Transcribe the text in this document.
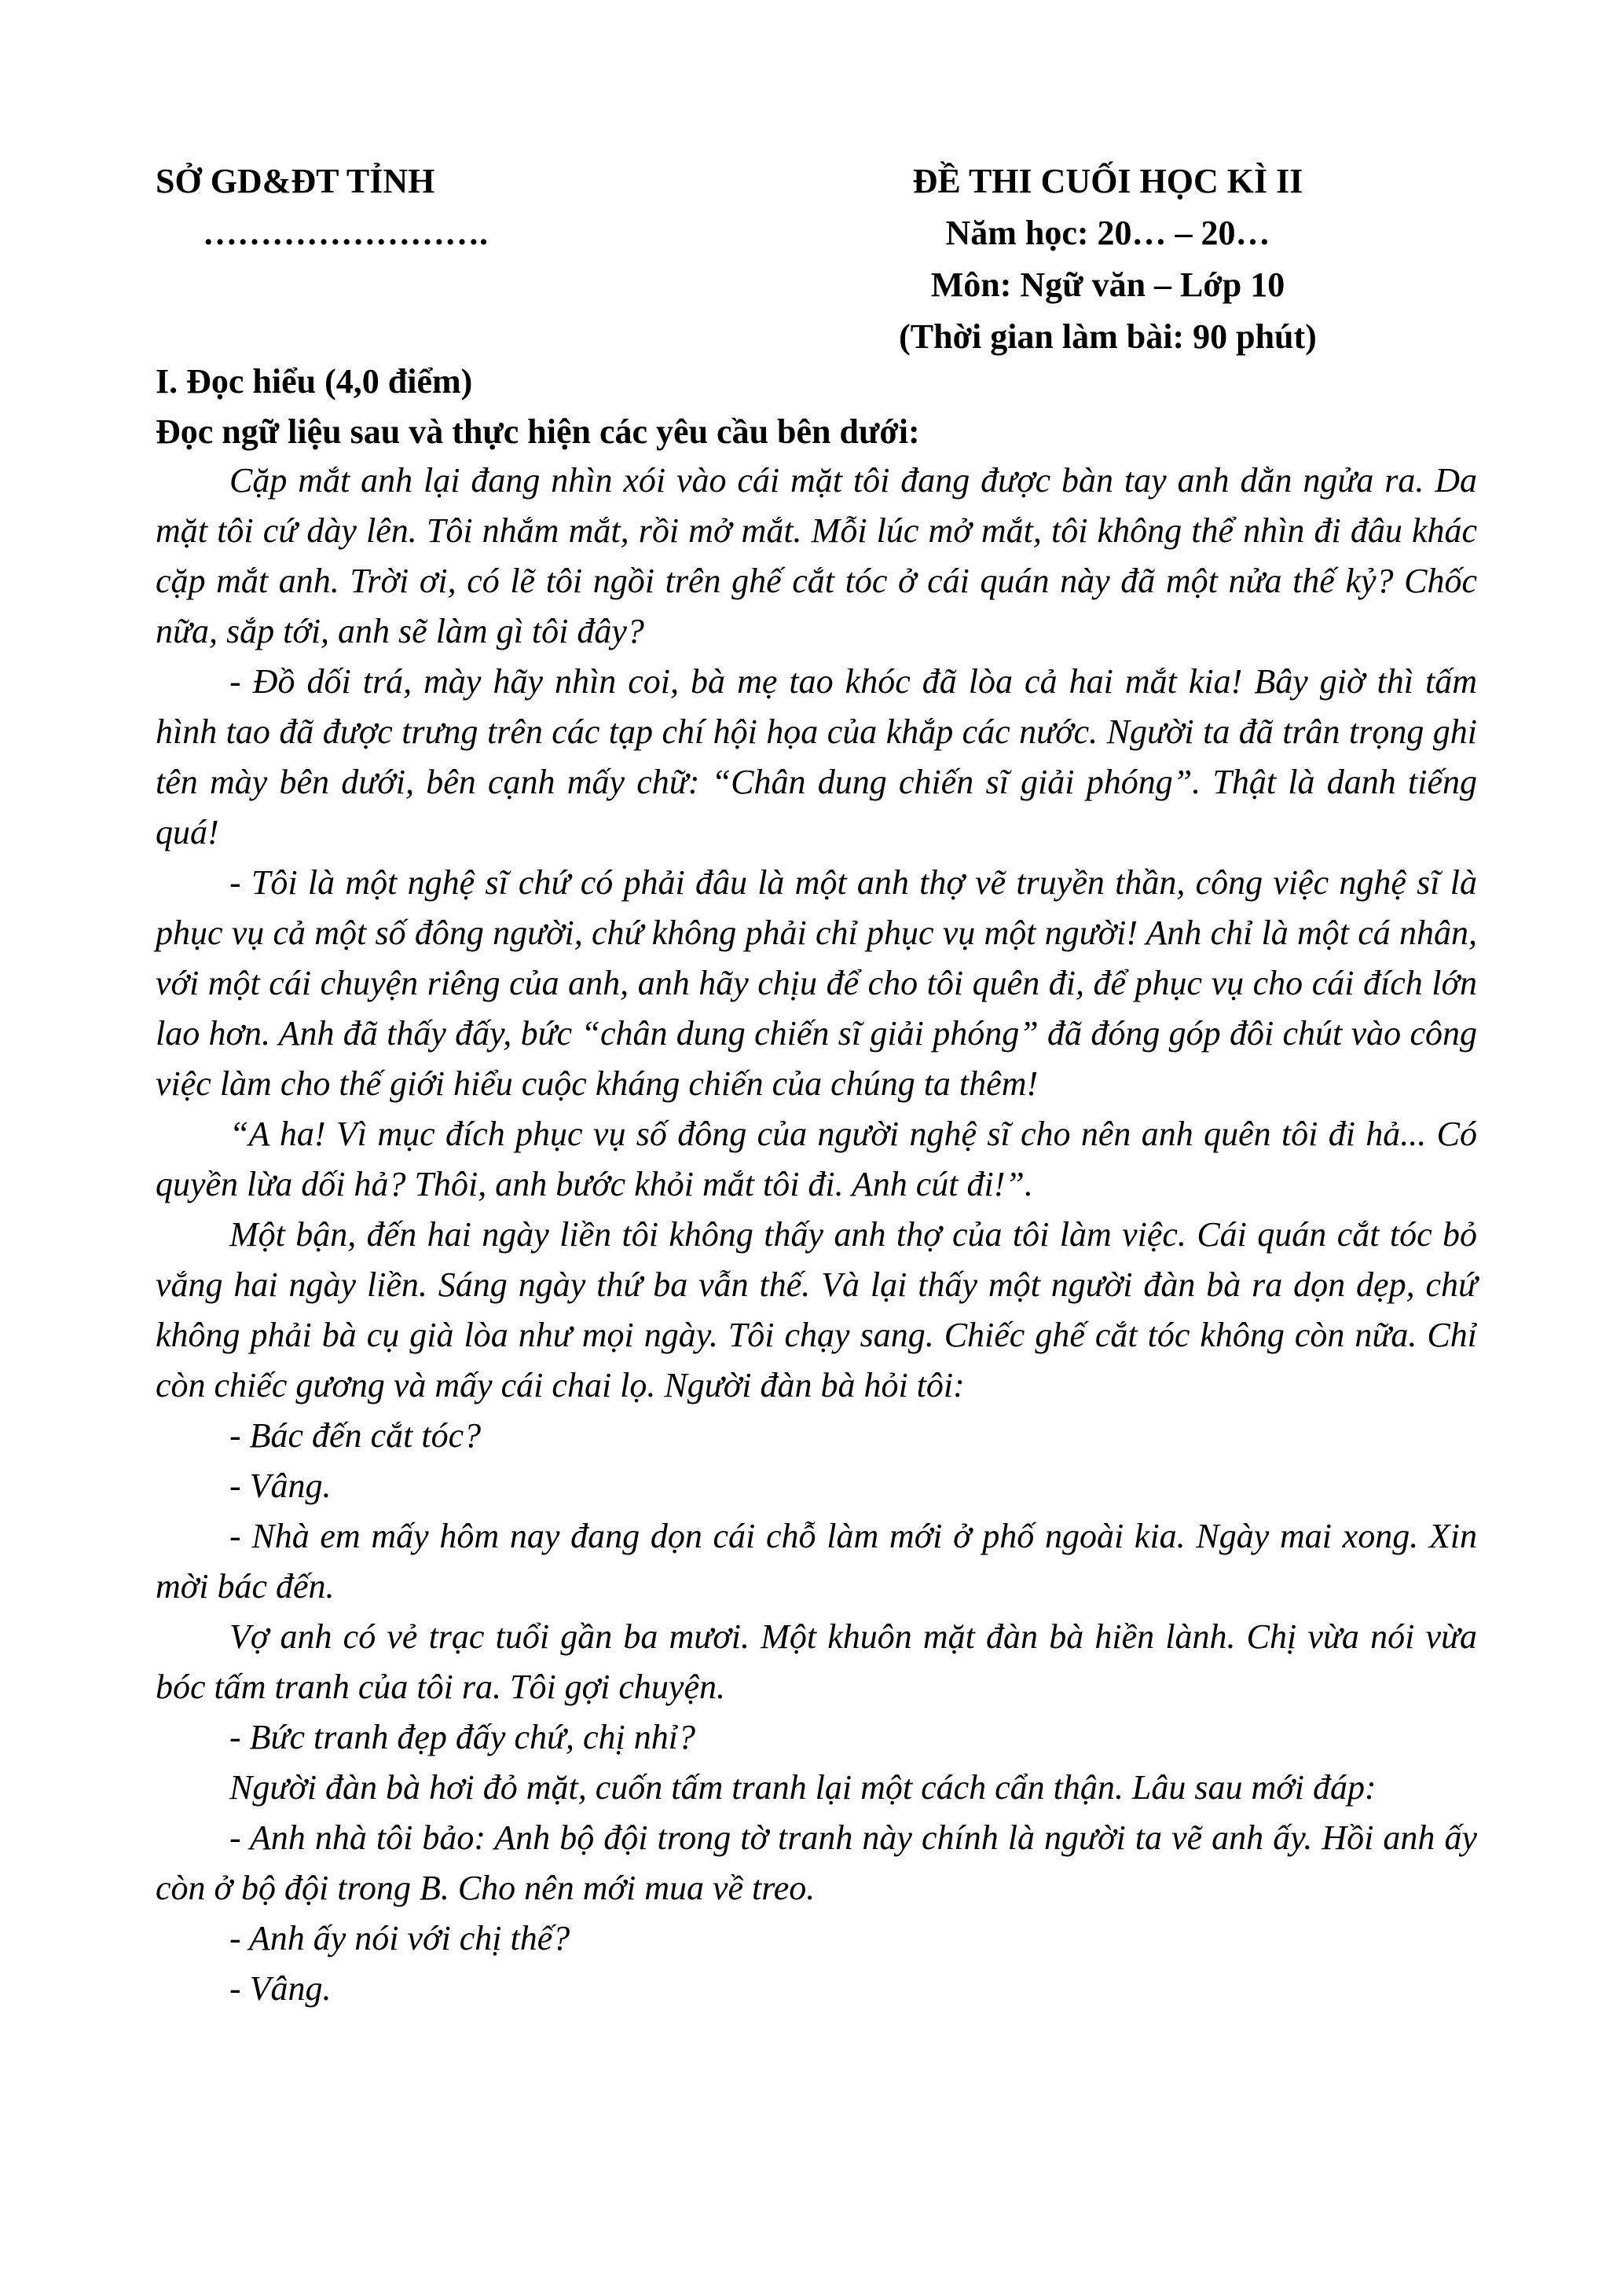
SỞ GD&ĐT TỈNH
…………………….
ĐỀ THI CUỐI HỌC KÌ II
Năm học: 20… – 20…
Môn: Ngữ văn – Lớp 10
(Thời gian làm bài: 90 phút)
I. Đọc hiểu (4,0 điểm)
Đọc ngữ liệu sau và thực hiện các yêu cầu bên dưới:

Cặp mắt anh lại đang nhìn xói vào cái mặt tôi đang được bàn tay anh dằn ngửa ra. Da mặt tôi cứ dày lên. Tôi nhắm mắt, rồi mở mắt. Mỗi lúc mở mắt, tôi không thể nhìn đi đâu khác cặp mắt anh. Trời ơi, có lẽ tôi ngồi trên ghế cắt tóc ở cái quán này đã một nửa thế kỷ? Chốc nữa, sắp tới, anh sẽ làm gì tôi đây?

- Đồ dối trá, mày hãy nhìn coi, bà mẹ tao khóc đã lòa cả hai mắt kia! Bây giờ thì tấm hình tao đã được trưng trên các tạp chí hội họa của khắp các nước. Người ta đã trân trọng ghi tên mày bên dưới, bên cạnh mấy chữ: “Chân dung chiến sĩ giải phóng”. Thật là danh tiếng quá!

- Tôi là một nghệ sĩ chứ có phải đâu là một anh thợ vẽ truyền thần, công việc nghệ sĩ là phục vụ cả một số đông người, chứ không phải chỉ phục vụ một người! Anh chỉ là một cá nhân, với một cái chuyện riêng của anh, anh hãy chịu để cho tôi quên đi, để phục vụ cho cái đích lớn lao hơn. Anh đã thấy đấy, bức “chân dung chiến sĩ giải phóng” đã đóng góp đôi chút vào công việc làm cho thế giới hiểu cuộc kháng chiến của chúng ta thêm!

“A ha! Vì mục đích phục vụ số đông của người nghệ sĩ cho nên anh quên tôi đi hả... Có quyền lừa dối hả? Thôi, anh bước khỏi mắt tôi đi. Anh cút đi!”.

Một bận, đến hai ngày liền tôi không thấy anh thợ của tôi làm việc. Cái quán cắt tóc bỏ vắng hai ngày liền. Sáng ngày thứ ba vẫn thế. Và lại thấy một người đàn bà ra dọn dẹp, chứ không phải bà cụ già lòa như mọi ngày. Tôi chạy sang. Chiếc ghế cắt tóc không còn nữa. Chỉ còn chiếc gương và mấy cái chai lọ. Người đàn bà hỏi tôi:

- Bác đến cắt tóc?

- Vâng.

- Nhà em mấy hôm nay đang dọn cái chỗ làm mới ở phố ngoài kia. Ngày mai xong. Xin mời bác đến.

Vợ anh có vẻ trạc tuổi gần ba mươi. Một khuôn mặt đàn bà hiền lành. Chị vừa nói vừa bóc tấm tranh của tôi ra. Tôi gợi chuyện.

- Bức tranh đẹp đấy chứ, chị nhỉ?

Người đàn bà hơi đỏ mặt, cuốn tấm tranh lại một cách cẩn thận. Lâu sau mới đáp:

- Anh nhà tôi bảo: Anh bộ đội trong tờ tranh này chính là người ta vẽ anh ấy. Hồi anh ấy còn ở bộ đội trong B. Cho nên mới mua về treo.

- Anh ấy nói với chị thế?

- Vâng.
